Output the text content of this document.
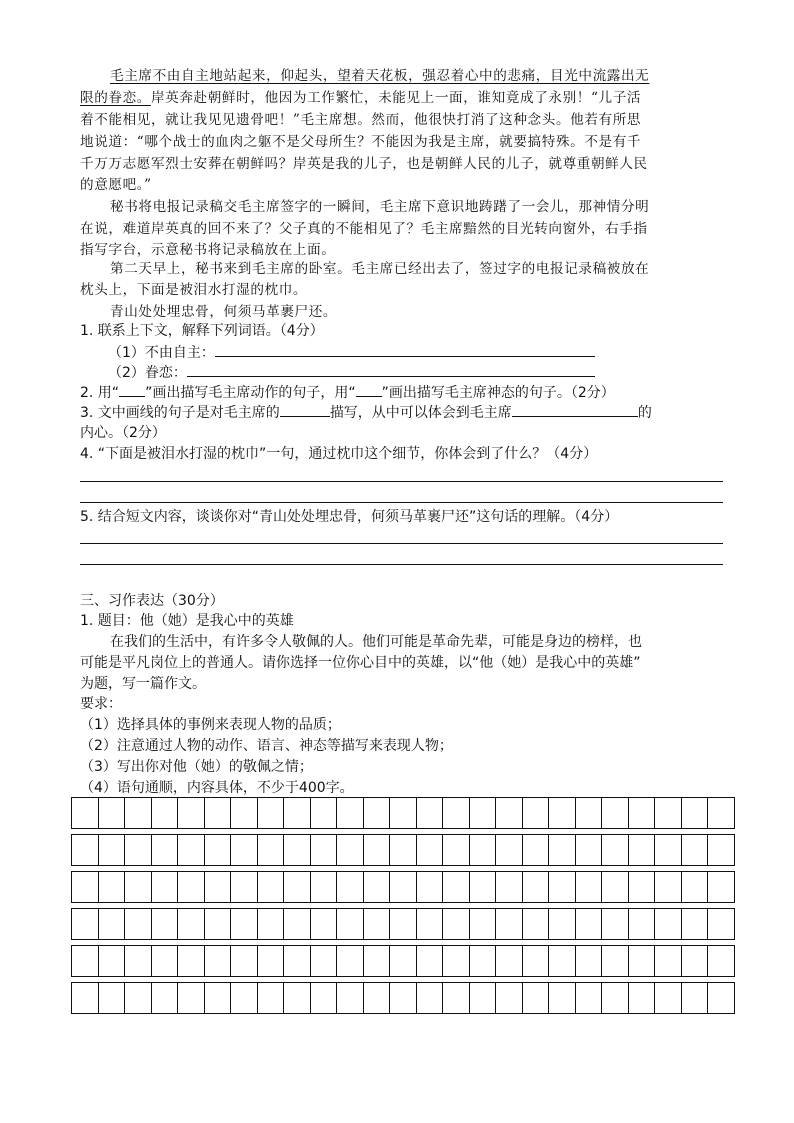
毛主席不由自主地站起来，仰起头，望着天花板，强忍着心中的悲痛，目光中流露出无
限的眷恋。岸英奔赴朝鲜时，他因为工作繁忙，未能见上一面，谁知竟成了永别！“儿子活
着不能相见，就让我见见遗骨吧！”毛主席想。然而，他很快打消了这种念头。他若有所思
地说道：“哪个战士的血肉之躯不是父母所生？不能因为我是主席，就要搞特殊。不是有千
千万万志愿军烈士安葬在朝鲜吗？岸英是我的儿子，也是朝鲜人民的儿子，就尊重朝鲜人民
的意愿吧。”
秘书将电报记录稿交毛主席签字的一瞬间，毛主席下意识地踌躇了一会儿，那神情分明
在说，难道岸英真的回不来了？父子真的不能相见了？毛主席黯然的目光转向窗外，右手指
指写字台，示意秘书将记录稿放在上面。
第二天早上，秘书来到毛主席的卧室。毛主席已经出去了，签过字的电报记录稿被放在
枕头上，下面是被泪水打湿的枕巾。
青山处处埋忠骨，何须马革裹尸还。
1. 联系上下文，解释下列词语。（4分）
（1）不由自主：
（2）眷恋：
2. 用“ ”画出描写毛主席动作的句子，用“ ”画出描写毛主席神态的句子。（2分）
3. 文中画线的句子是对毛主席的	描写，从中可以体会到毛主席	的
内心。（2分）
4. “下面是被泪水打湿的枕巾”一句，通过枕巾这个细节，你体会到了什么？（4分）
5. 结合短文内容，谈谈你对“青山处处埋忠骨，何须马革裹尸还”这句话的理解。（4分）
三、习作表达（30分）
1. 题目：他（她）是我心中的英雄
在我们的生活中，有许多令人敬佩的人。他们可能是革命先辈，可能是身边的榜样，也
可能是平凡岗位上的普通人。请你选择一位你心目中的英雄，以“他（她）是我心中的英雄”
为题，写一篇作文。
要求：
（1）选择具体的事例来表现人物的品质；
（2）注意通过人物的动作、语言、神态等描写来表现人物；
（3）写出你对他（她）的敬佩之情；
（4）语句通顺，内容具体，不少于400字。
